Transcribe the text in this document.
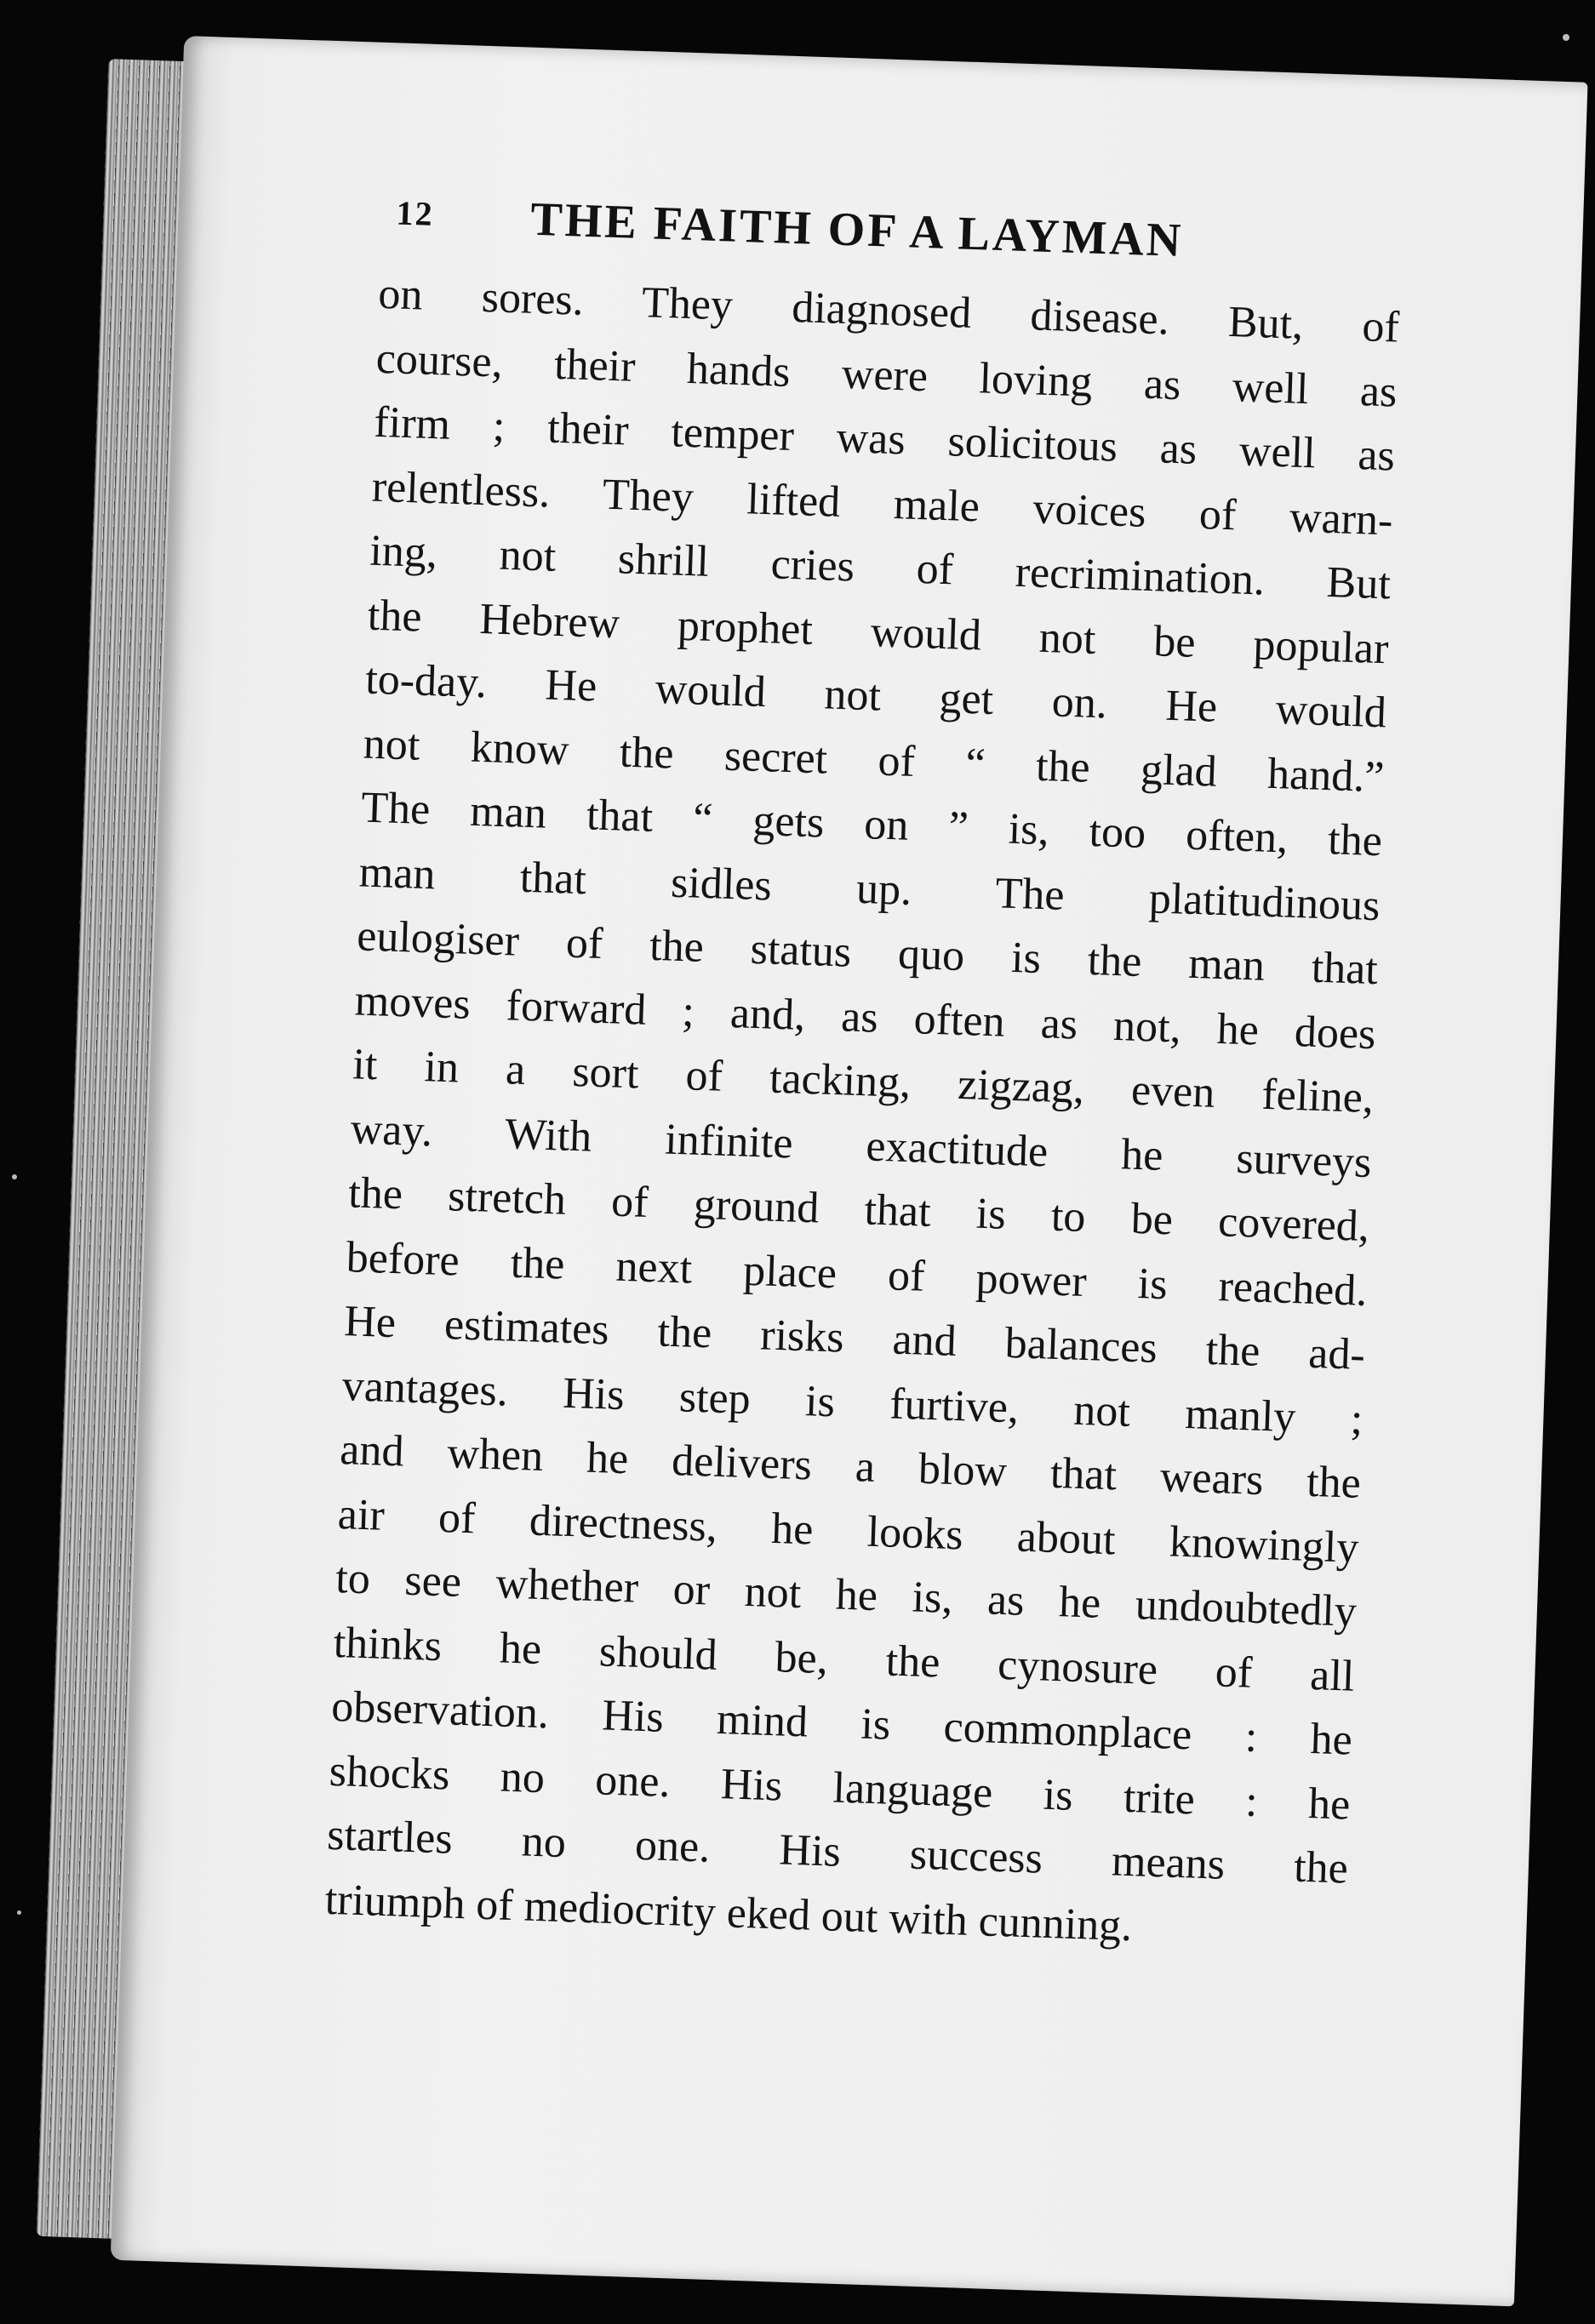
12 THE FAITH OF A LAYMAN
on sores. They diagnosed disease. But, of
course, their hands were loving as well as
firm ; their temper was solicitous as well as
relentless. They lifted male voices of warn-
ing, not shrill cries of recrimination. But
the Hebrew prophet would not be popular
to-day. He would not get on. He would
not know the secret of “ the glad hand.”
The man that “ gets on ” is, too often, the
man that sidles up. The platitudinous
eulogiser of the status quo is the man that
moves forward ; and, as often as not, he does
it in a sort of tacking, zigzag, even feline,
way. With infinite exactitude he surveys
the stretch of ground that is to be covered,
before the next place of power is reached.
He estimates the risks and balances the ad-
vantages. His step is furtive, not manly ;
and when he delivers a blow that wears the
air of directness, he looks about knowingly
to see whether or not he is, as he undoubtedly
thinks he should be, the cynosure of all
observation. His mind is commonplace : he
shocks no one. His language is trite : he
startles no one. His success means the
triumph of mediocrity eked out with cunning.
